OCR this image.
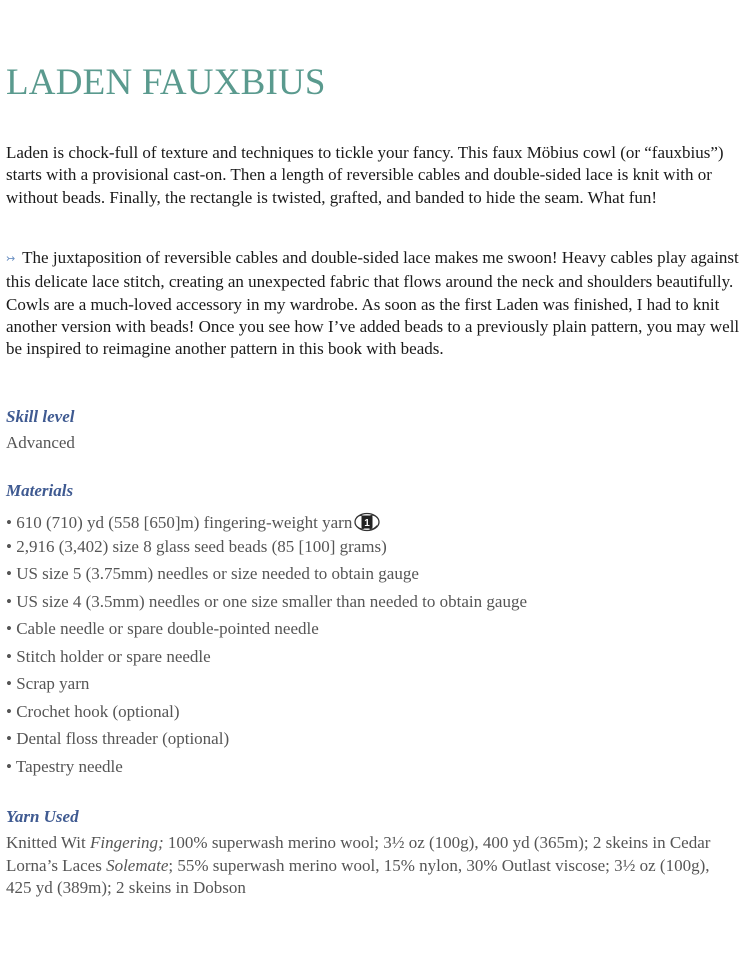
LADEN FAUXBIUS

Laden is chock-full of texture and techniques to tickle your fancy. This faux Möbius cowl (or “fauxbius”) starts with a provisional cast-on. Then a length of reversible cables and double-sided lace is knit with or without beads. Finally, the rectangle is twisted, grafted, and banded to hide the seam. What fun!

↣ The juxtaposition of reversible cables and double-sided lace makes me swoon! Heavy cables play against this delicate lace stitch, creating an unexpected fabric that flows around the neck and shoulders beautifully. Cowls are a much-loved accessory in my wardrobe. As soon as the first Laden was finished, I had to knit another version with beads! Once you see how I’ve added beads to a previously plain pattern, you may well be inspired to reimagine another pattern in this book with beads.

Skill level

Advanced

Materials
• 610 (710) yd (558 [650]m) fingering-weight yarn 1
• 2,916 (3,402) size 8 glass seed beads (85 [100] grams)
• US size 5 (3.75mm) needles or size needed to obtain gauge
• US size 4 (3.5mm) needles or one size smaller than needed to obtain gauge
• Cable needle or spare double-pointed needle
• Stitch holder or spare needle
• Scrap yarn
• Crochet hook (optional)
• Dental floss threader (optional)
• Tapestry needle
Yarn Used

Knitted Wit Fingering; 100% superwash merino wool; 3½ oz (100g), 400 yd (365m); 2 skeins in Cedar
Lorna’s Laces Solemate; 55% superwash merino wool, 15% nylon, 30% Outlast viscose; 3½ oz (100g), 425 yd (389m); 2 skeins in Dobson
